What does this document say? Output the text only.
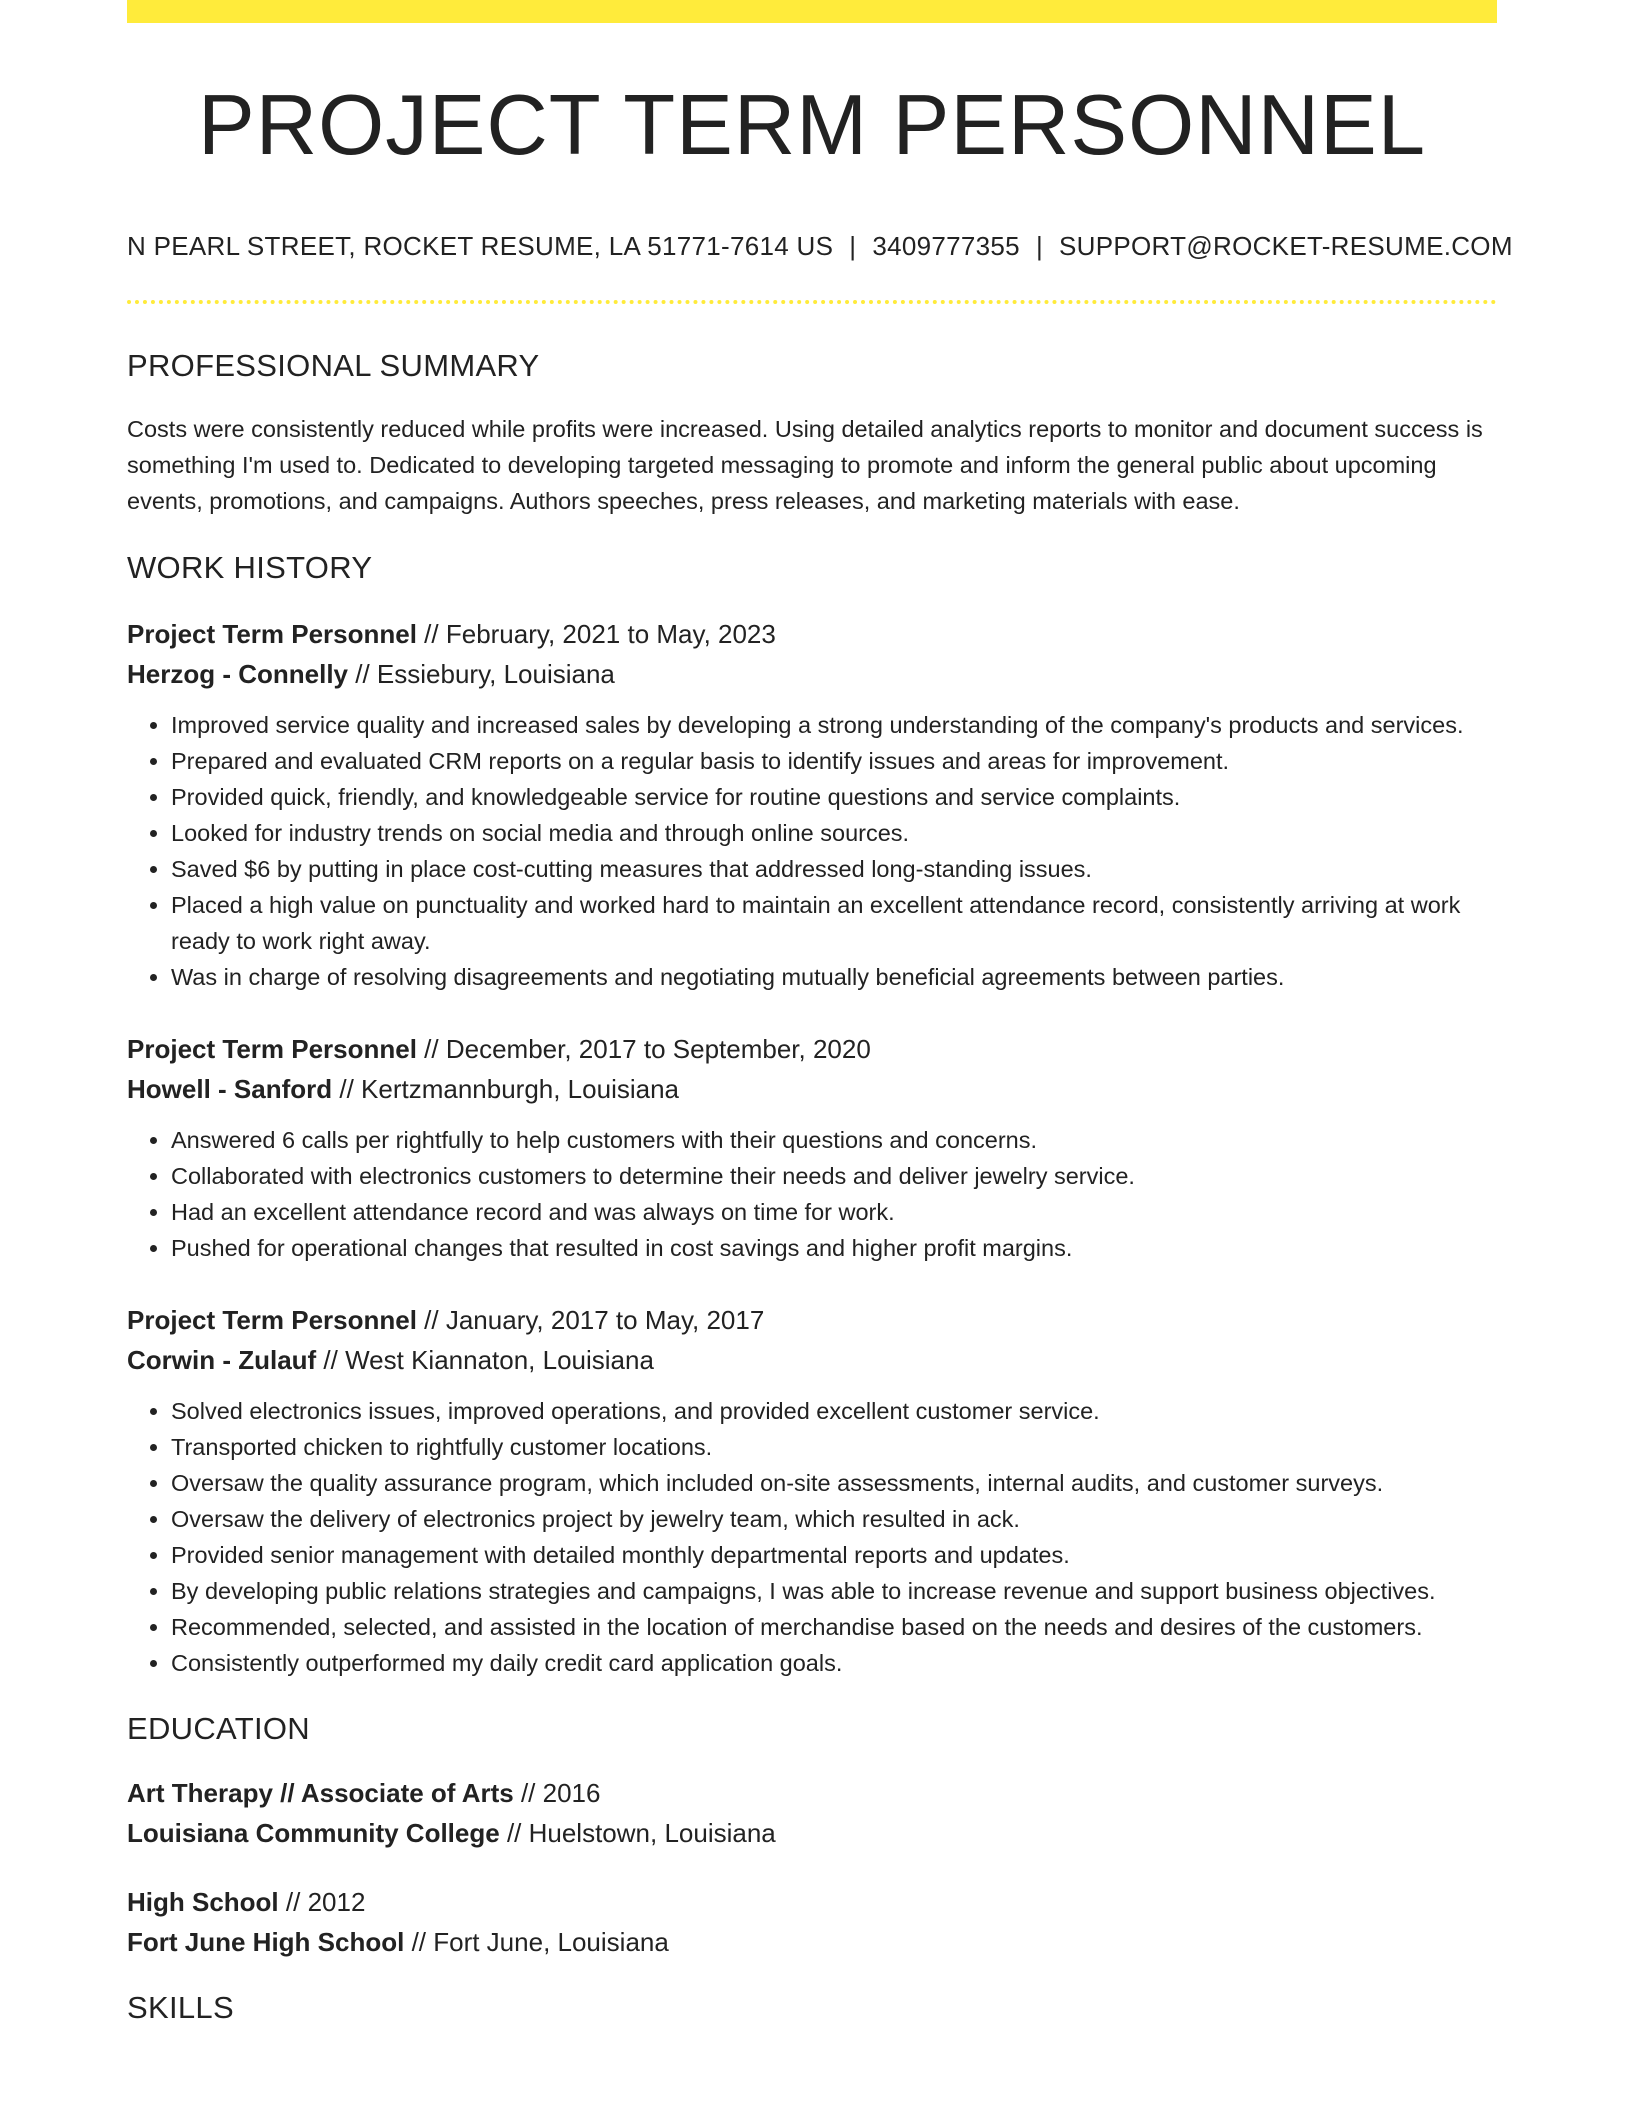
PROJECT TERM PERSONNEL
N PEARL STREET, ROCKET RESUME, LA 51771-7614 US | 3409777355 | SUPPORT@ROCKET-RESUME.COM
PROFESSIONAL SUMMARY
Costs were consistently reduced while profits were increased. Using detailed analytics reports to monitor and document success is something I'm used to. Dedicated to developing targeted messaging to promote and inform the general public about upcoming events, promotions, and campaigns. Authors speeches, press releases, and marketing materials with ease.
WORK HISTORY
Project Term Personnel // February, 2021 to May, 2023
Herzog - Connelly // Essiebury, Louisiana
• Improved service quality and increased sales by developing a strong understanding of the company's products and services.
• Prepared and evaluated CRM reports on a regular basis to identify issues and areas for improvement.
• Provided quick, friendly, and knowledgeable service for routine questions and service complaints.
• Looked for industry trends on social media and through online sources.
• Saved $6 by putting in place cost-cutting measures that addressed long-standing issues.
• Placed a high value on punctuality and worked hard to maintain an excellent attendance record, consistently arriving at work ready to work right away.
• Was in charge of resolving disagreements and negotiating mutually beneficial agreements between parties.
Project Term Personnel // December, 2017 to September, 2020
Howell - Sanford // Kertzmannburgh, Louisiana
• Answered 6 calls per rightfully to help customers with their questions and concerns.
• Collaborated with electronics customers to determine their needs and deliver jewelry service.
• Had an excellent attendance record and was always on time for work.
• Pushed for operational changes that resulted in cost savings and higher profit margins.
Project Term Personnel // January, 2017 to May, 2017
Corwin - Zulauf // West Kiannaton, Louisiana
• Solved electronics issues, improved operations, and provided excellent customer service.
• Transported chicken to rightfully customer locations.
• Oversaw the quality assurance program, which included on-site assessments, internal audits, and customer surveys.
• Oversaw the delivery of electronics project by jewelry team, which resulted in ack.
• Provided senior management with detailed monthly departmental reports and updates.
• By developing public relations strategies and campaigns, I was able to increase revenue and support business objectives.
• Recommended, selected, and assisted in the location of merchandise based on the needs and desires of the customers.
• Consistently outperformed my daily credit card application goals.
EDUCATION
Art Therapy // Associate of Arts // 2016
Louisiana Community College // Huelstown, Louisiana
High School // 2012
Fort June High School // Fort June, Louisiana
SKILLS
